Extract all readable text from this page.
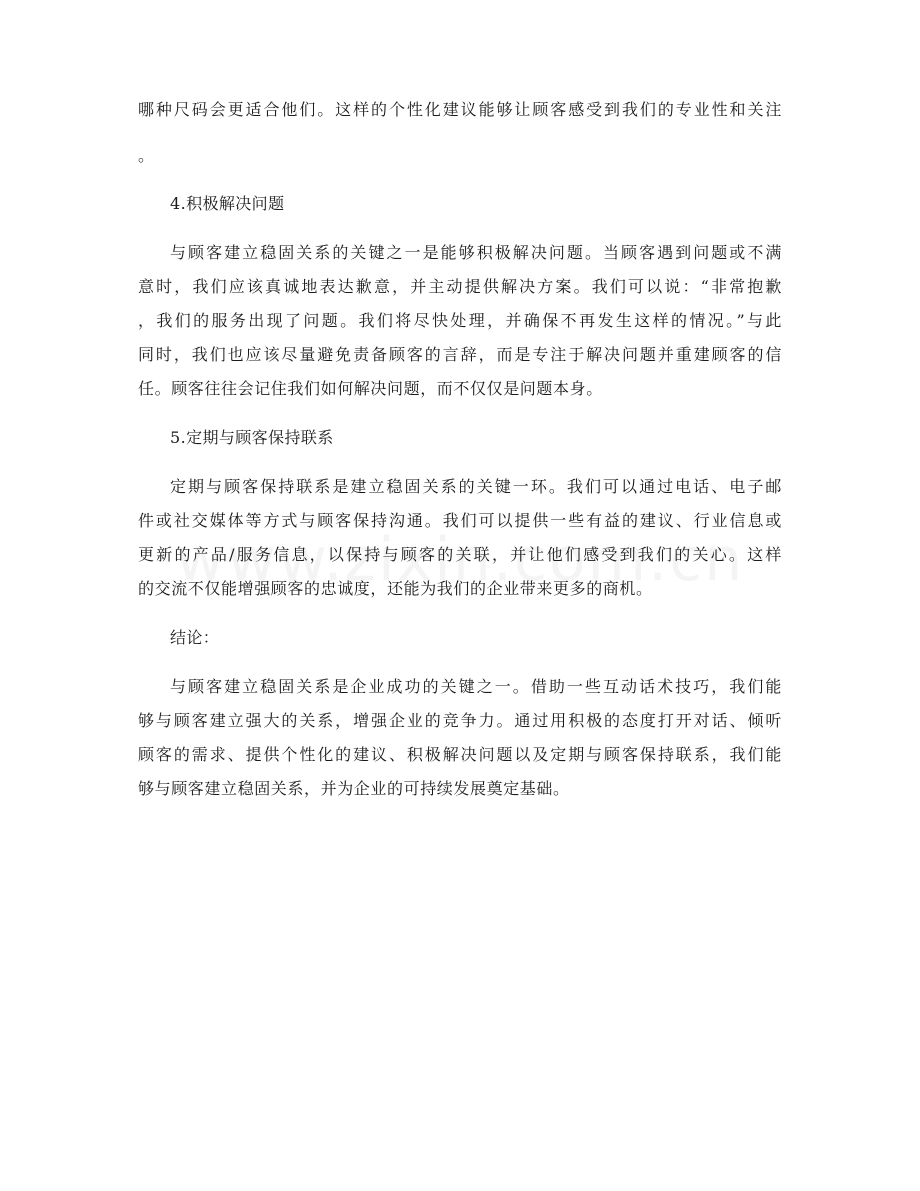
哪种尺码会更适合他们。这样的个性化建议能够让顾客感受到我们的专业性和关注
。
4.积极解决问题
与顾客建立稳固关系的关键之一是能够积极解决问题。当顾客遇到问题或不满
意时，我们应该真诚地表达歉意，并主动提供解决方案。我们可以说：“非常抱歉
，我们的服务出现了问题。我们将尽快处理，并确保不再发生这样的情况。”与此
同时，我们也应该尽量避免责备顾客的言辞，而是专注于解决问题并重建顾客的信
任。顾客往往会记住我们如何解决问题，而不仅仅是问题本身。
5.定期与顾客保持联系
定期与顾客保持联系是建立稳固关系的关键一环。我们可以通过电话、电子邮
件或社交媒体等方式与顾客保持沟通。我们可以提供一些有益的建议、行业信息或
更新的产品/服务信息，以保持与顾客的关联，并让他们感受到我们的关心。这样
的交流不仅能增强顾客的忠诚度，还能为我们的企业带来更多的商机。
结论：
与顾客建立稳固关系是企业成功的关键之一。借助一些互动话术技巧，我们能
够与顾客建立强大的关系，增强企业的竞争力。通过用积极的态度打开对话、倾听
顾客的需求、提供个性化的建议、积极解决问题以及定期与顾客保持联系，我们能
够与顾客建立稳固关系，并为企业的可持续发展奠定基础。
